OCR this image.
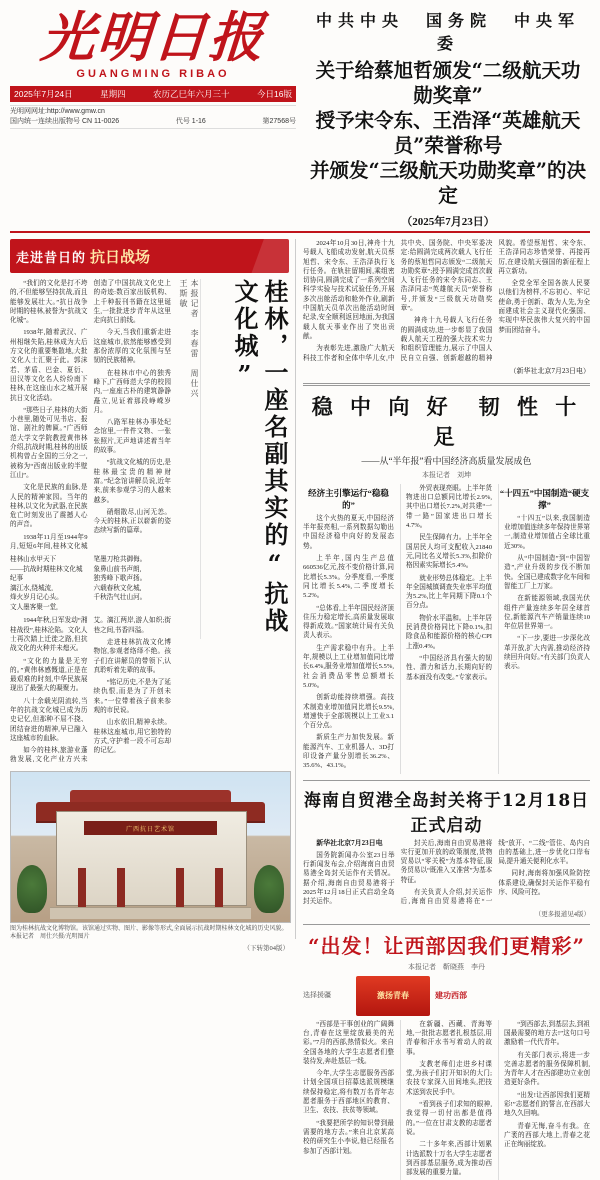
光明日报
GUANGMING RIBAO
2025年7月24日	星期四	农历乙巳年六月三十	今日16版
光明网网址:http://www.gmw.cn
国内统一连续出版物号 CN 11-0026	代号 1-16	第27568号
中共中央　国务院　中央军委
关于给蔡旭哲颁发“二级航天功勋奖章”
授予宋令东、王浩泽“英雄航天员”荣誉称号
并颁发“三级航天功勋奖章”的决定
（2025年7月23日）
走进昔日的 抗日战场

“我们的文化是打不垮的,不但能够坚持抗战,而且能够发展壮大。”抗日战争时期的桂林,被誉为“抗战文化城”。

1938年,随着武汉、广州相继失陷,桂林成为大后方文化的重要集散地,大批文化人士汇聚于此。郭沫若、茅盾、巴金、夏衍、田汉等文化名人纷纷南下桂林,在这座山水之城开展抗日文化活动。

“那些日子,桂林的大街小巷里,随处可见书店、报馆、剧社的牌匾。”广西师范大学文学院教授黄伟林介绍,抗战时期,桂林的出版机构曾占全国的三分之一,被称为“西南出版业的半壁江山”。

文化是民族的血脉,是人民的精神家园。当年的桂林,以文化为武器,在民族危亡时刻发出了震撼人心的声音。

1938年11月至1944年9月,短短6年间,桂林文化城创造了中国抗战文化史上的奇迹:数百家出版机构、上千种报刊书籍在这里诞生,一批批进步青年从这里走向抗日前线。

今天,当我们重新走进这座城市,依然能够感受到那份浓厚的文化氛围与坚韧的民族精神。

在桂林市中心的独秀峰下,广西师范大学的校园内,一座座古朴的建筑静静矗立,见证着那段峥嵘岁月。

八路军桂林办事处纪念馆里,一件件文物、一张张照片,无声地讲述着当年的故事。

“抗战文化城的历史,是桂林最宝贵的精神财富。”纪念馆讲解员说,近年来,前来参观学习的人越来越多。

硝烟散尽,山河无恙。今天的桂林,正以崭新的姿态续写新的篇章。

桂林山水甲天下

——抗战时期桂林文化城纪事

漓江水,绕城流,

烽火岁月记心头。

文人墨客聚一堂,

笔墨刀枪共御侮。

象鼻山前书声朗,

独秀峰下歌声扬。

六载春秋文化城,

千秋浩气壮山河。

1944年秋,日军发动“湘桂战役”,桂林沦陷。文化人士再次踏上迁徙之路,但抗战文化的火种并未熄灭。

“文化的力量是无穷的。”黄伟林感慨道,正是在最艰难的时刻,中华民族展现出了最强大的凝聚力。

八十余载光阴流转,当年的抗战文化城已成为历史记忆,但那种不屈不挠、团结奋进的精神,早已融入这座城市的血脉。

如今的桂林,旅游业蓬勃发展,文化产业方兴未艾。漓江两岸,游人如织;街巷之间,书香四溢。

走进桂林抗战文化博物馆,参观者络绎不绝。孩子们在讲解员的带领下,认真聆听着先辈的故事。

“铭记历史,不是为了延续仇恨,而是为了开创未来。”一位带着孩子前来参观的市民说。

山水依旧,精神永续。桂林这座城市,用它独特的方式,守护着一段不可忘却的记忆。

本报记者　李春雷　周仕兴　王斯敏	桂林，一座名副其实的“抗战文化城”
广西抗日艺术馆
图为桂林抗战文化博物馆。该馆通过实物、图片、影像等形式,全面展示抗战时期桂林文化城的历史风貌。　本报记者　周仕兴摄/光明图片
（下转第04版）

2024年10月30日,神舟十九号载人飞船成功发射,航天员蔡旭哲、宋令东、王浩泽执行飞行任务。在轨驻留期间,乘组密切协同,圆满完成了一系列空间科学实验与技术试验任务,开展多次出舱活动和舱外作业,刷新中国航天员单次出舱活动时间纪录,安全顺利返回地面,为我国载人航天事业作出了突出贡献。

为表彰先进,激励广大航天科技工作者和全体中华儿女,中共中央、国务院、中央军委决定:给圆满完成两次载人飞行任务的蔡旭哲同志颁发“二级航天功勋奖章”;授予圆满完成首次载人飞行任务的宋令东同志、王浩泽同志“英雄航天员”荣誉称号,并颁发“三级航天功勋奖章”。

神舟十九号载人飞行任务的圆满成功,进一步彰显了我国载人航天工程的强大技术实力和组织管理能力,展示了中国人民自立自强、创新超越的精神风貌。希望蔡旭哲、宋令东、王浩泽同志珍惜荣誉、再接再厉,在建设航天强国的新征程上再立新功。

全党全军全国各族人民要以他们为榜样,不忘初心、牢记使命,勇于创新、敢为人先,为全面建成社会主义现代化强国、实现中华民族伟大复兴的中国梦而团结奋斗。

（新华社北京7月23日电）
稳 中 向 好　韧 性 十 足
——从“半年报”看中国经济高质量发展成色
本报记者　刘坤
经济主引擎运行“稳稳的”

这个火热的夏天,中国经济半年报亮相,一系列数据勾勒出中国经济稳中向好的发展态势。

上半年,国内生产总值660536亿元,按不变价格计算,同比增长5.3%。分季度看,一季度同比增长5.4%,二季度增长5.2%。

“总体看,上半年国民经济顶住压力稳定增长,高质量发展取得新成效。”国家统计局有关负责人表示。

生产需求稳中有升。上半年,规模以上工业增加值同比增长6.4%,服务业增加值增长5.5%,社会消费品零售总额增长5.0%。

创新动能持续增强。高技术制造业增加值同比增长9.5%,增速快于全部规模以上工业3.1个百分点。

新质生产力加快发展。新能源汽车、工业机器人、3D打印设备产量分别增长36.2%、35.6%、43.1%。

外贸表现亮眼。上半年货物进出口总额同比增长2.9%,其中出口增长7.2%,对共建“一带一路”国家进出口增长4.7%。

民生保障有力。上半年全国居民人均可支配收入21840元,同比名义增长5.3%,扣除价格因素实际增长5.4%。

就业形势总体稳定。上半年全国城镇调查失业率平均值为5.2%,比上年同期下降0.1个百分点。

物价水平温和。上半年居民消费价格同比下降0.1%,扣除食品和能源价格的核心CPI上涨0.4%。

“中国经济具有强大的韧性、潜力和活力,长期向好的基本面没有改变。”专家表示。

“十四五”中国制造“硬支撑”

“十四五”以来,我国制造业增加值连续多年保持世界第一,制造业增加值占全球比重近30%。

从“中国制造”到“中国智造”,产业升级的步伐不断加快。全国已建成数字化车间和智能工厂上万家。

在新能源领域,我国光伏组件产量连续多年居全球首位,新能源汽车产销量连续10年位居世界第一。

“下一步,要进一步深化改革开放,扩大内需,推动经济持续回升向好。”有关部门负责人表示。

海南自贸港全岛封关将于12月18日正式启动

新华社北京7月23日电

国务院新闻办公室23日举行新闻发布会,介绍海南自由贸易港全岛封关运作有关情况。据介绍,海南自由贸易港将于2025年12月18日正式启动全岛封关运作。

封关后,海南自由贸易港将实行更加开放的政策制度,货物贸易以“零关税”为基本特征,服务贸易以“既准入又准营”为基本特征。

有关负责人介绍,封关运作后,海南自由贸易港将在“一线”放开、“二线”管住、岛内自由的基础上,进一步优化口岸布局,提升通关便利化水平。

同时,海南将加强风险防控体系建设,确保封关运作平稳有序、风险可控。

（更多报道见4版）
“出发！让西部因我们更精彩”
本报记者　靳晓燕　李丹
选择援疆	激扬青春	建功西部

“西部是干事创业的广阔舞台,青春在这里绽放最美的光彩。”7月的西部,热情似火。来自全国各地的大学生志愿者们整装待发,奔赴基层一线。

今年,大学生志愿服务西部计划全国项目招募选派规模继续保持稳定,将有数万名青年志愿者服务于西部地区的教育、卫生、农技、扶贫等领域。

“我要把所学的知识带到最需要的地方去。”来自北京某高校的研究生小李说,他已经报名参加了西部计划。

在新疆、西藏、青海等地,一批批志愿者扎根基层,用青春和汗水书写着动人的故事。

支教老师们走进乡村课堂,为孩子们打开知识的大门;农技专家深入田间地头,把技术送到农民手中。

“看到孩子们求知的眼神,我觉得一切付出都是值得的。”一位在甘肃支教的志愿者说。

二十多年来,西部计划累计选派数十万名大学生志愿者到西部基层服务,成为推动西部发展的重要力量。

“到西部去,到基层去,到祖国最需要的地方去!”这句口号激励着一代代青年。

有关部门表示,将进一步完善志愿者的服务保障机制,为青年人才在西部建功立业创造更好条件。

“出发!让西部因我们更精彩!”志愿者们的誓言,在西部大地久久回响。

青春无悔,奋斗有我。在广袤的西部大地上,青春之花正在绚丽绽放。
